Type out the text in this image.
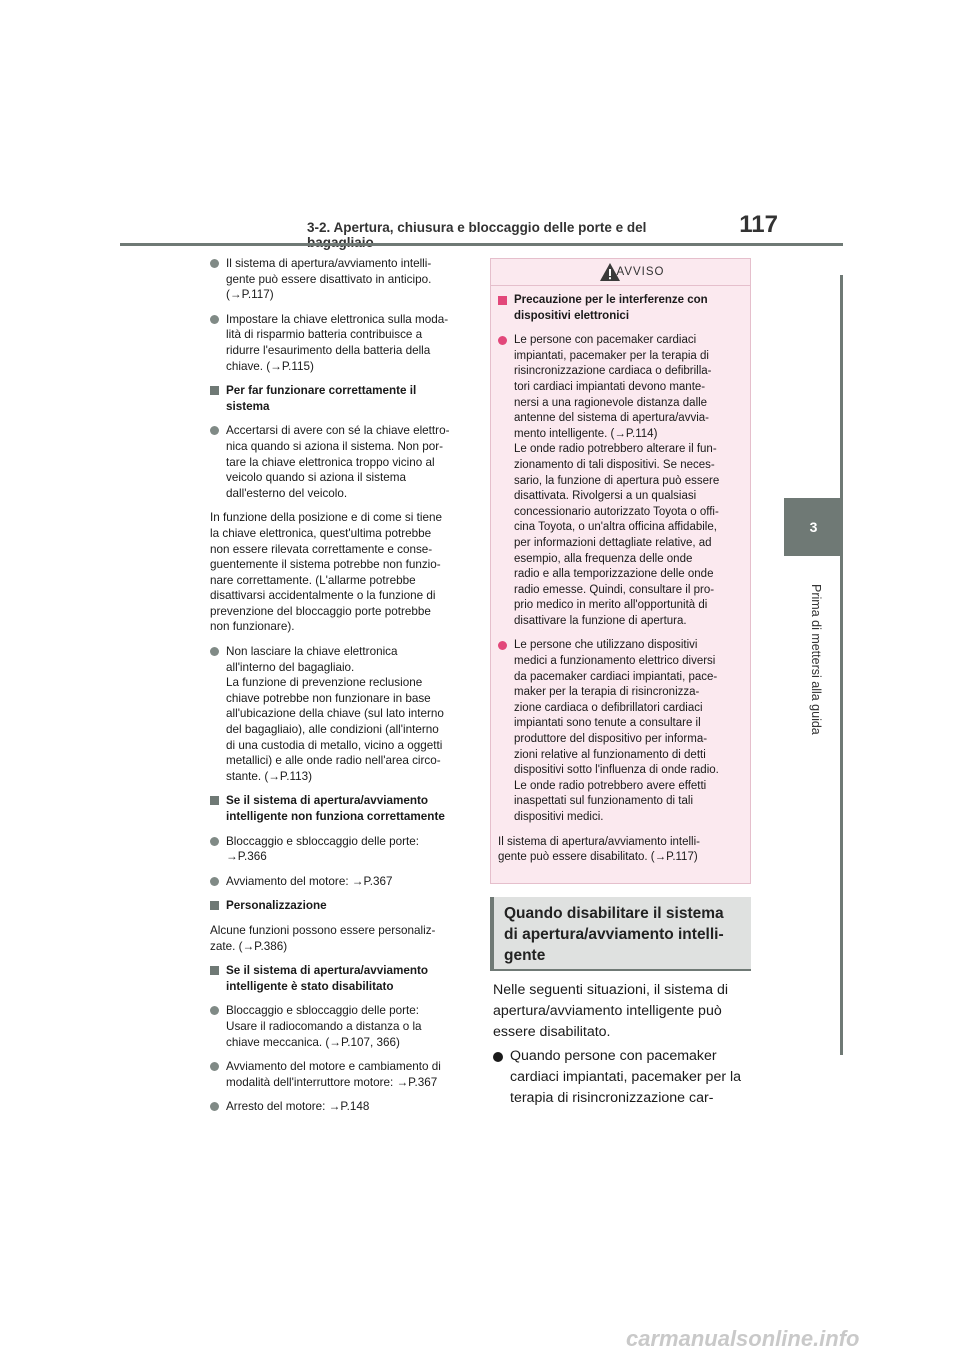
3-2. Apertura, chiusura e bloccaggio delle porte e del	117
3
Prima di mettersi alla guida
Il sistema di apertura/avviamento intelli-
gente può essere disattivato in anticipo.
(→P.117)
Impostare la chiave elettronica sulla moda-
lità di risparmio batteria contribuisce a
ridurre l'esaurimento della batteria della
chiave. (→P.115)
Per far funzionare correttamente il
sistema
Accertarsi di avere con sé la chiave elettro-
nica quando si aziona il sistema. Non por-
tare la chiave elettronica troppo vicino al
veicolo quando si aziona il sistema
dall'esterno del veicolo.
In funzione della posizione e di come si tiene
la chiave elettronica, quest'ultima potrebbe
non essere rilevata correttamente e conse-
guentemente il sistema potrebbe non funzio-
nare correttamente. (L'allarme potrebbe
disattivarsi accidentalmente o la funzione di
prevenzione del bloccaggio porte potrebbe
non funzionare).
Non lasciare la chiave elettronica
all'interno del bagagliaio.
La funzione di prevenzione reclusione
chiave potrebbe non funzionare in base
all'ubicazione della chiave (sul lato interno
del bagagliaio), alle condizioni (all'interno
di una custodia di metallo, vicino a oggetti
metallici) e alle onde radio nell'area circo-
stante. (→P.113)
Se il sistema di apertura/avviamento
intelligente non funziona correttamente
Bloccaggio e sbloccaggio delle porte:
→P.366
Avviamento del motore: →P.367
Personalizzazione
Alcune funzioni possono essere personaliz-
zate. (→P.386)
Se il sistema di apertura/avviamento
intelligente è stato disabilitato
Bloccaggio e sbloccaggio delle porte:
Usare il radiocomando a distanza o la
chiave meccanica. (→P.107, 366)
Avviamento del motore e cambiamento di
modalità dell'interruttore motore: →P.367
Arresto del motore: →P.148
AVVISO
Precauzione per le interferenze con
dispositivi elettronici
Le persone con pacemaker cardiaci
impiantati, pacemaker per la terapia di
risincronizzazione cardiaca o defibrilla-
tori cardiaci impiantati devono mante-
nersi a una ragionevole distanza dalle
antenne del sistema di apertura/avvia-
mento intelligente. (→P.114)
Le onde radio potrebbero alterare il fun-
zionamento di tali dispositivi. Se neces-
sario, la funzione di apertura può essere
disattivata. Rivolgersi a un qualsiasi
concessionario autorizzato Toyota o offi-
cina Toyota, o un'altra officina affidabile,
per informazioni dettagliate relative, ad
esempio, alla frequenza delle onde
radio e alla temporizzazione delle onde
radio emesse. Quindi, consultare il pro-
prio medico in merito all'opportunità di
disattivare la funzione di apertura.
Le persone che utilizzano dispositivi
medici a funzionamento elettrico diversi
da pacemaker cardiaci impiantati, pace-
maker per la terapia di risincronizza-
zione cardiaca o defibrillatori cardiaci
impiantati sono tenute a consultare il
produttore del dispositivo per informa-
zioni relative al funzionamento di detti
dispositivi sotto l'influenza di onde radio.
Le onde radio potrebbero avere effetti
inaspettati sul funzionamento di tali
dispositivi medici.
Il sistema di apertura/avviamento intelli-
gente può essere disabilitato. (→P.117)
Quando disabilitare il sistema
di apertura/avviamento intelli-
gente
Nelle seguenti situazioni, il sistema di
apertura/avviamento intelligente può
essere disabilitato.
Quando persone con pacemaker
cardiaci impiantati, pacemaker per la
terapia di risincronizzazione car-
carmanualsonline.info
